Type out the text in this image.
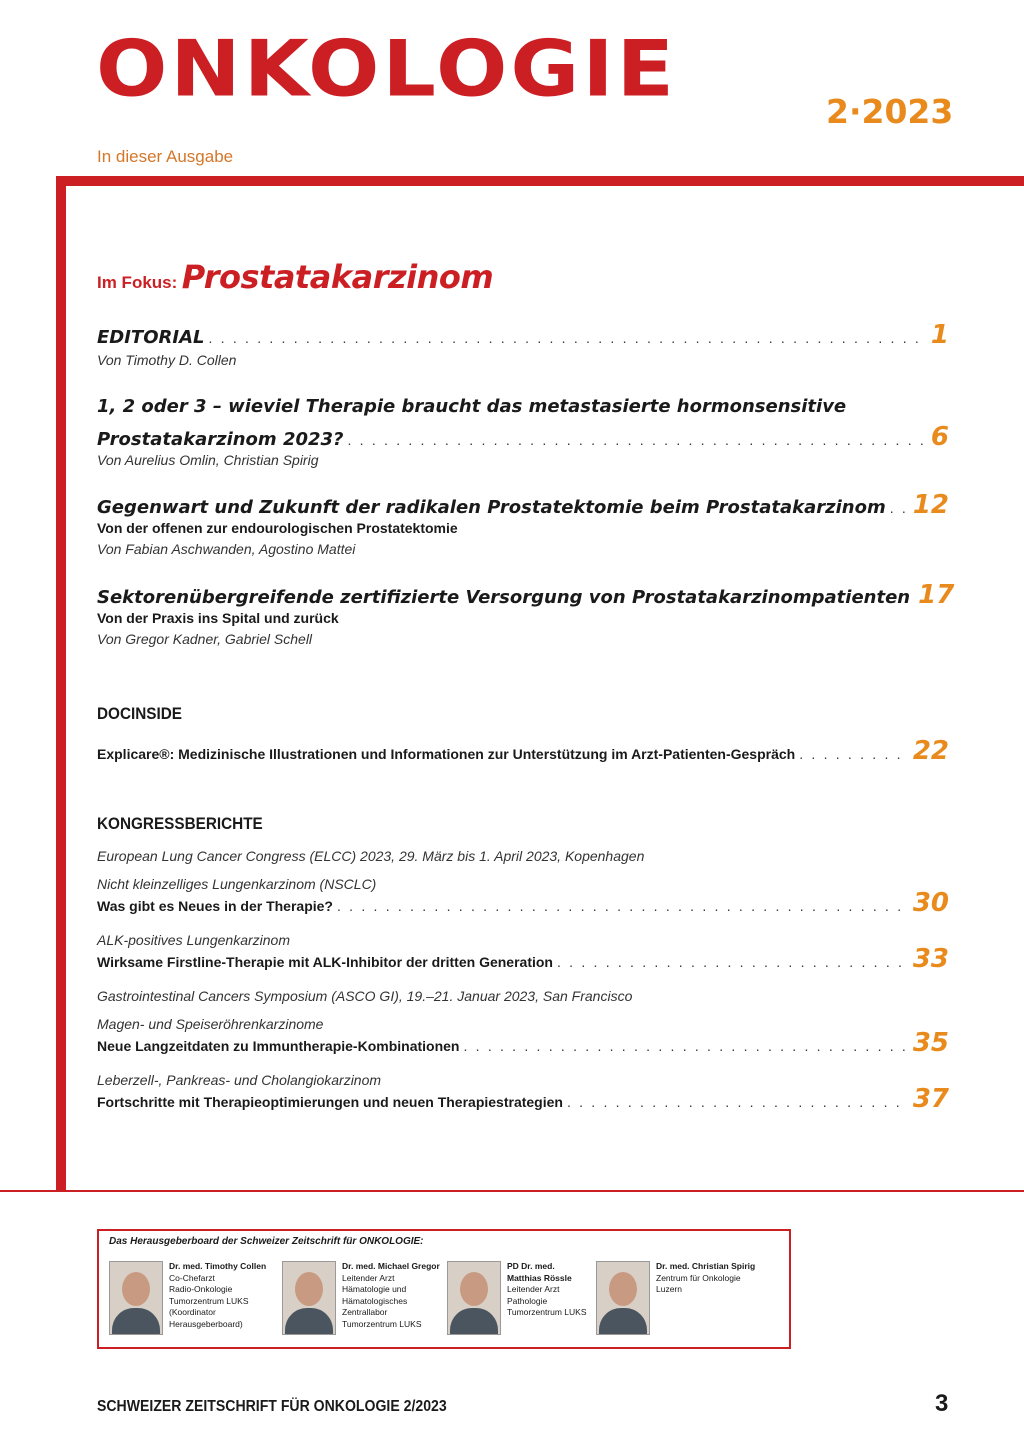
ONKOLOGIE	2·2023
In dieser Ausgabe
Im Fokus: Prostatakarzinom
EDITORIAL . . .	1
Von Timothy D. Collen
1, 2 oder 3 – wieviel Therapie braucht das metastasierte hormonsensitive
Prostatakarzinom 2023? . . .	6
Von Aurelius Omlin, Christian Spirig
Gegenwart und Zukunft der radikalen Prostatektomie beim Prostatakarzinom . . . 12
Von der offenen zur endourologischen Prostatektomie
Von Fabian Aschwanden, Agostino Mattei
Sektorenübergreifende zertifizierte Versorgung von Prostatakarzinompatienten 17
Von der Praxis ins Spital und zurück
Von Gregor Kadner, Gabriel Schell
DOCINSIDE
Explicare®: Medizinische Illustrationen und Informationen zur Unterstützung im Arzt-Patienten-Gespräch . . .	22
KONGRESSBERICHTE
European Lung Cancer Congress (ELCC) 2023, 29. März bis 1. April 2023, Kopenhagen
Nicht kleinzelliges Lungenkarzinom (NSCLC)
Was gibt es Neues in der Therapie? . . .	30
ALK-positives Lungenkarzinom
Wirksame Firstline-Therapie mit ALK-Inhibitor der dritten Generation . . .	33
Gastrointestinal Cancers Symposium (ASCO GI), 19.–21. Januar 2023, San Francisco
Magen- und Speiseröhrenkarzinome
Neue Langzeitdaten zu Immuntherapie-Kombinationen . . .	35
Leberzell-, Pankreas- und Cholangiokarzinom
Fortschritte mit Therapieoptimierungen und neuen Therapiestrategien . . .	37
Das Herausgeberboard der Schweizer Zeitschrift für ONKOLOGIE:
Dr. med. Timothy Collen
Co-Chefarzt
Radio-Onkologie
Tumorzentrum LUKS
(Koordinator
Herausgeberboard)
Dr. med. Michael Gregor
Leitender Arzt
Hämatologie und
Hämatologisches
Zentrallabor
Tumorzentrum LUKS
PD Dr. med.
Matthias Rössle
Leitender Arzt
Pathologie
Tumorzentrum LUKS
Dr. med. Christian Spirig
Zentrum für Onkologie
Luzern
SCHWEIZER ZEITSCHRIFT FÜR ONKOLOGIE 2/2023	3
